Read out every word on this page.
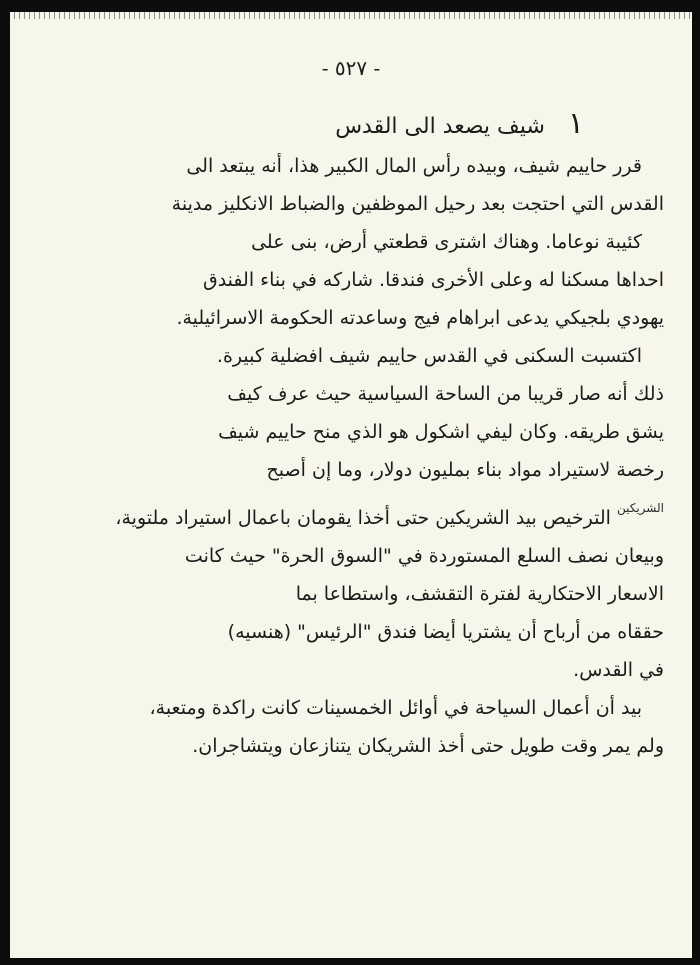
- ٥٢٧ -
١ شيف يصعد الى القدس
قرر حاييم شيف، وبيده رأس المال الكبير هذا، أنه يبتعد الى
القدس التي احتجت بعد رحيل الموظفين والضباط الانكليز مدينة
كئيبة نوعاما. وهناك اشترى قطعتي أرض، بنى على
احداها مسكنا له وعلى الأخرى فندقا. شاركه في بناء الفندق
يهودي بلجيكي يدعى ابراهام فيج وساعدته الحكومة الاسرائيلية.
اكتسبت السكنى في القدس حاييم شيف افضلية كبيرة.
ذلك أنه صار قريبا من الساحة السياسية حيث عرف كيف
يشق طريقه. وكان ليفي اشكول هو الذي منح حاييم شيف
رخصة لاستيراد مواد بناء بمليون دولار، وما إن أصبح
$^{الشريكين}$ الترخيص بيد الشريكين حتى أخذا يقومان باعمال استيراد ملتوية،
وبيعان نصف السلع المستوردة في "السوق الحرة" حيث كانت
الاسعار الاحتكارية لفترة التقشف، واستطاعا بما
حققاه من أرباح أن يشتريا أيضا فندق "الرئيس" (هنسيه)
في القدس.
بيد أن أعمال السياحة في أوائل الخمسينات كانت راكدة ومتعبة،
ولم يمر وقت طويل حتى أخذ الشريكان يتنازعان ويتشاجران.
